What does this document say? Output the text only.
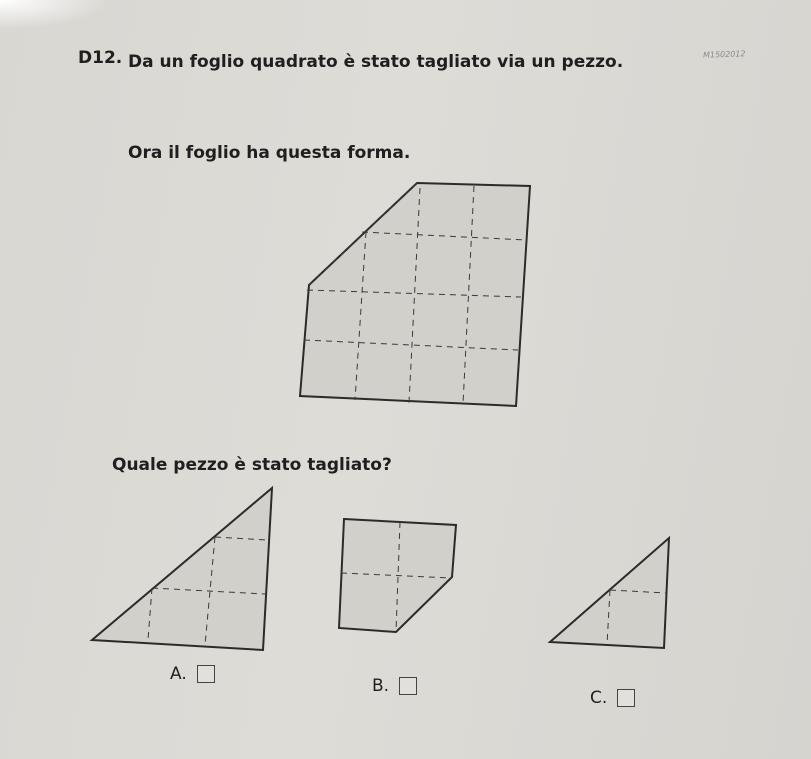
D12. Da un foglio quadrato è stato tagliato via un pezzo.	M1502012
Ora il foglio ha questa forma.
Quale pezzo è stato tagliato?
A.
B.
C.
